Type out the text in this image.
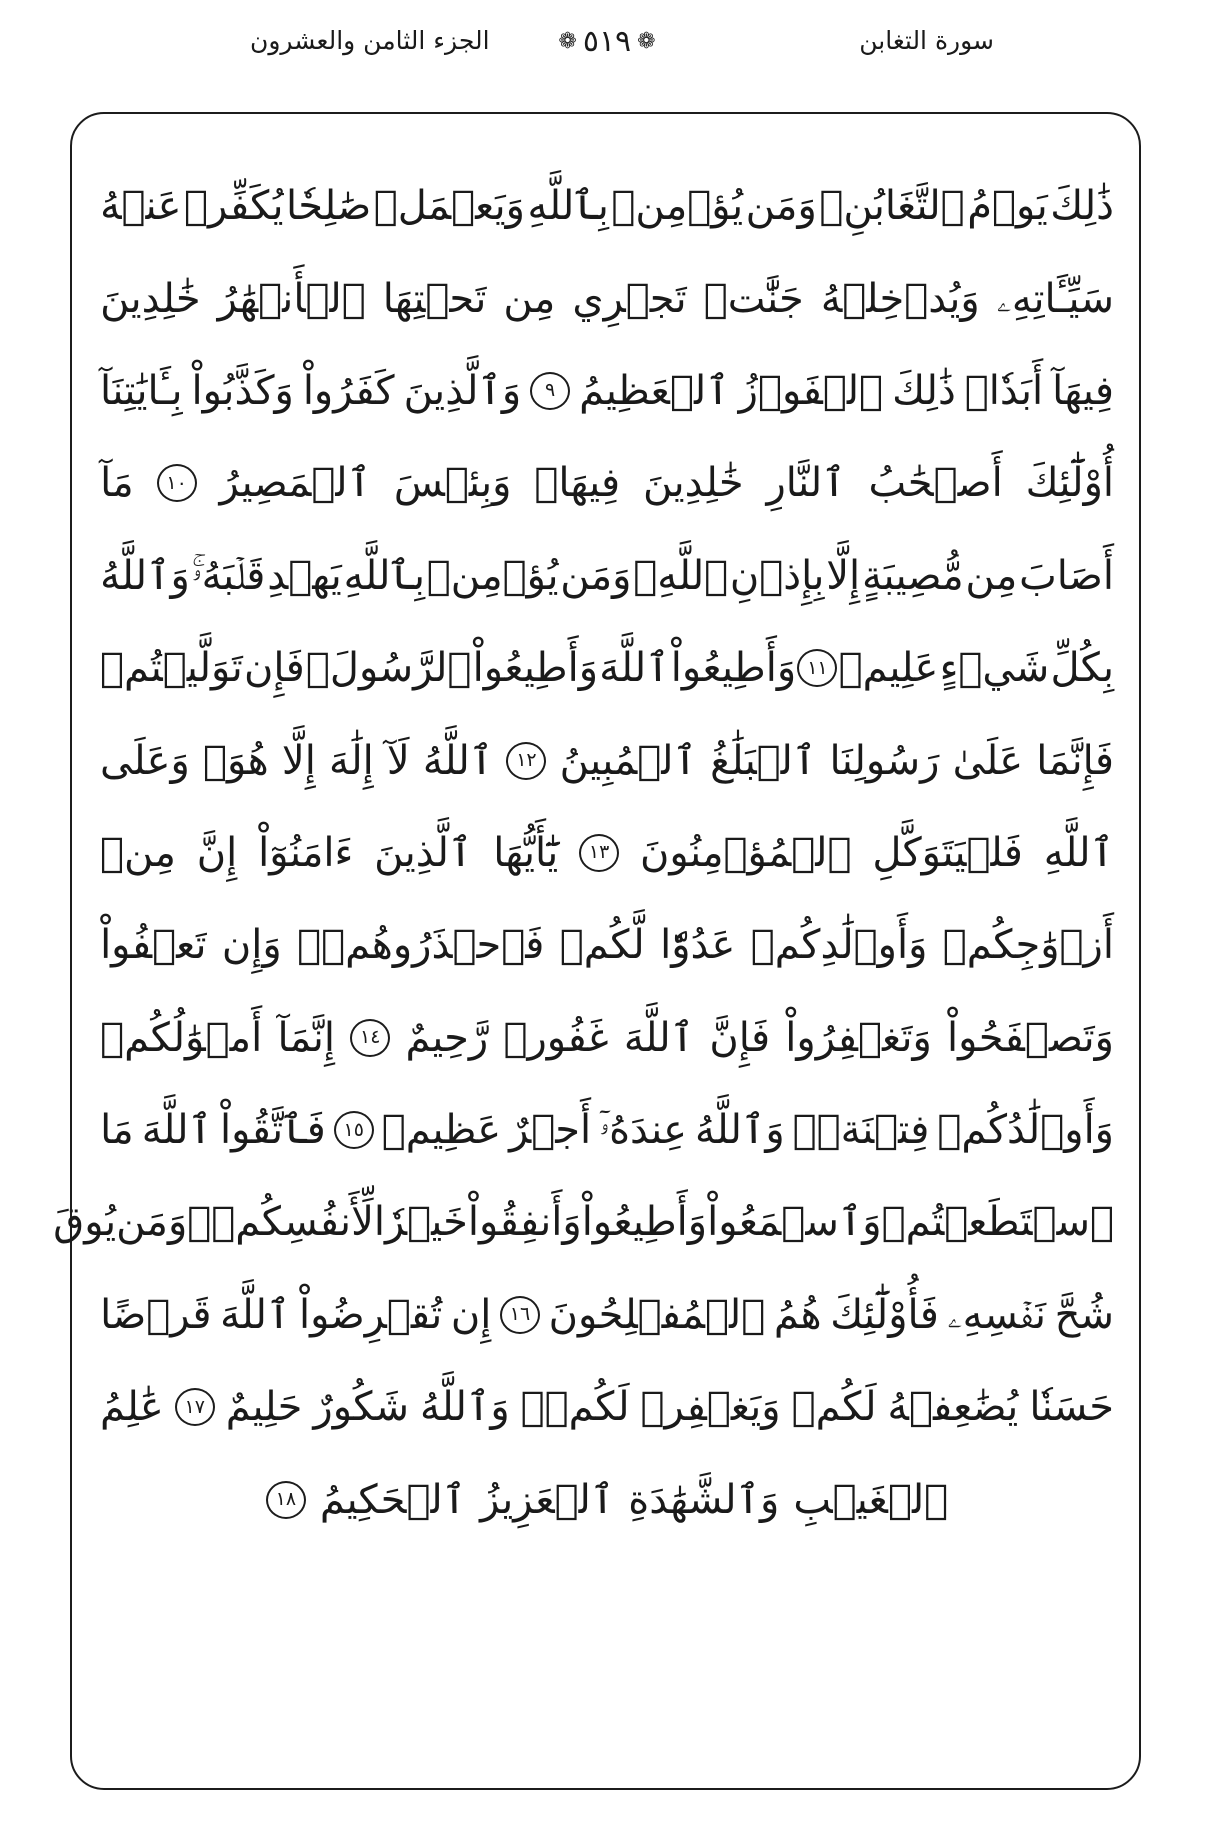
الجزء الثامن والعشرون	❁ ٥١٩ ❁	سورة التغابن
ذَٰلِكَ
يَوۡمُ
ٱلتَّغَابُنِۗ
وَمَن
يُؤۡمِنۢ
بِٱللَّهِ
وَيَعۡمَلۡ
صَٰلِحٗا
يُكَفِّرۡ
عَنۡهُ
سَيِّـَٔاتِهِۦ
وَيُدۡخِلۡهُ
جَنَّٰتٖ
تَجۡرِي
مِن
تَحۡتِهَا
ٱلۡأَنۡهَٰرُ
خَٰلِدِينَ
فِيهَآ
أَبَدٗاۚ
ذَٰلِكَ
ٱلۡفَوۡزُ
ٱلۡعَظِيمُ
٩
وَٱلَّذِينَ
كَفَرُواْ
وَكَذَّبُواْ
بِـَٔايَٰتِنَآ
أُوْلَٰٓئِكَ
أَصۡحَٰبُ
ٱلنَّارِ
خَٰلِدِينَ
فِيهَاۖ
وَبِئۡسَ
ٱلۡمَصِيرُ
١٠
مَآ
أَصَابَ
مِن
مُّصِيبَةٍ
إِلَّا
بِإِذۡنِ
ٱللَّهِۗ
وَمَن
يُؤۡمِنۢ
بِٱللَّهِ
يَهۡدِ
قَلۡبَهُۥۚ
وَٱللَّهُ
بِكُلِّ
شَيۡءٍ
عَلِيمٞ
١١
وَأَطِيعُواْ
ٱللَّهَ
وَأَطِيعُواْ
ٱلرَّسُولَۚ
فَإِن
تَوَلَّيۡتُمۡ
فَإِنَّمَا
عَلَىٰ
رَسُولِنَا
ٱلۡبَلَٰغُ
ٱلۡمُبِينُ
١٢
ٱللَّهُ
لَآ
إِلَٰهَ
إِلَّا
هُوَۚ
وَعَلَى
ٱللَّهِ
فَلۡيَتَوَكَّلِ
ٱلۡمُؤۡمِنُونَ
١٣
يَٰٓأَيُّهَا
ٱلَّذِينَ
ءَامَنُوٓاْ
إِنَّ
مِنۡ
أَزۡوَٰجِكُمۡ
وَأَوۡلَٰدِكُمۡ
عَدُوّٗا
لَّكُمۡ
فَٱحۡذَرُوهُمۡۚ
وَإِن
تَعۡفُواْ
وَتَصۡفَحُواْ
وَتَغۡفِرُواْ
فَإِنَّ
ٱللَّهَ
غَفُورٞ
رَّحِيمٌ
١٤
إِنَّمَآ
أَمۡوَٰلُكُمۡ
وَأَوۡلَٰدُكُمۡ
فِتۡنَةٞۚ
وَٱللَّهُ
عِندَهُۥٓ
أَجۡرٌ
عَظِيمٞ
١٥
فَٱتَّقُواْ
ٱللَّهَ
مَا
ٱسۡتَطَعۡتُمۡ
وَٱسۡمَعُواْ
وَأَطِيعُواْ
وَأَنفِقُواْ
خَيۡرٗا
لِّأَنفُسِكُمۡۗ
وَمَن
يُوقَ
شُحَّ
نَفۡسِهِۦ
فَأُوْلَٰٓئِكَ
هُمُ
ٱلۡمُفۡلِحُونَ
١٦
إِن
تُقۡرِضُواْ
ٱللَّهَ
قَرۡضًا
حَسَنٗا
يُضَٰعِفۡهُ
لَكُمۡ
وَيَغۡفِرۡ
لَكُمۡۚ
وَٱللَّهُ
شَكُورٌ
حَلِيمٌ
١٧
عَٰلِمُ
ٱلۡغَيۡبِ
وَٱلشَّهَٰدَةِ
ٱلۡعَزِيزُ
ٱلۡحَكِيمُ
١٨
